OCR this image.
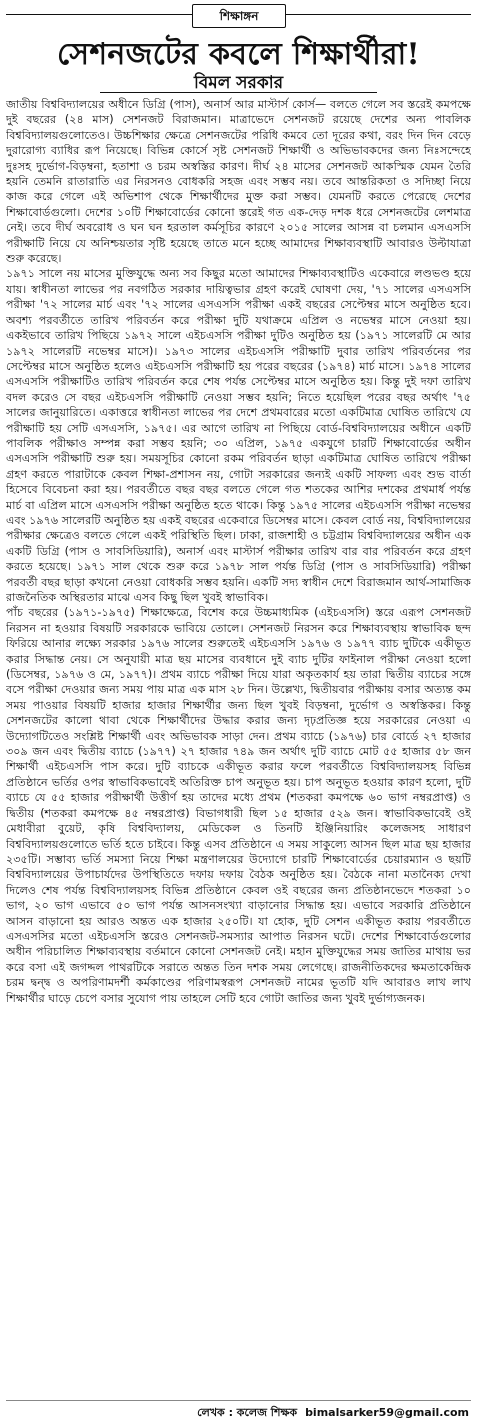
শিক্ষাঙ্গন
সেশনজটের কবলে শিক্ষার্থীরা!
বিমল সরকার

জাতীয় বিশ্ববিদ্যালয়ের অধীনে ডিগ্রি (পাস), অনার্স আর মাস্টার্স কোর্স— বলতে গেলে সব স্তরেই কমপক্ষে দুই বছরের (২৪ মাস) সেশনজট বিরাজমান। মাত্রাভেদে সেশনজট রয়েছে দেশের অন্য পাবলিক বিশ্ববিদ্যালয়গুলোতেও। উচ্চশিক্ষার ক্ষেত্রে সেশনজটের পরিধি কমবে তো দূরের কথা, বরং দিন দিন বেড়ে দুরারোগ্য ব্যাধির রূপ নিয়েছে। বিভিন্ন কোর্সে সৃষ্ট সেশনজট শিক্ষার্থী ও অভিভাবকদের জন্য নিঃসন্দেহে দুঃসহ দুর্ভোগ-বিড়ম্বনা, হতাশা ও চরম অস্বস্তির কারণ। দীর্ঘ ২৪ মাসের সেশনজট আকস্মিক যেমন তৈরি হয়নি তেমনি রাতারাতি এর নিরসনও বোধকরি সহজ এবং সম্ভব নয়। তবে আন্তরিকতা ও সদিচ্ছা নিয়ে কাজ করে গেলে এই অভিশাপ থেকে শিক্ষার্থীদের মুক্ত করা সম্ভব। যেমনটি করতে পেরেছে দেশের শিক্ষাবোর্ডগুলো। দেশের ১০টি শিক্ষাবোর্ডের কোনো স্তরেই গত এক-দেড় দশক ধরে সেশনজটের লেশমাত্র নেই। তবে দীর্ঘ অবরোধ ও ঘন ঘন হরতাল কর্মসূচির কারণে ২০১৫ সালের আসন্ন বা চলমান এসএসসি পরীক্ষাটি নিয়ে যে অনিশ্চয়তার সৃষ্টি হয়েছে তাতে মনে হচ্ছে আমাদের শিক্ষাব্যবস্থাটি আবারও উল্টাযাত্রা শুরু করেছে।

১৯৭১ সালে নয় মাসের মুক্তিযুদ্ধে অন্য সব কিছুর মতো আমাদের শিক্ষাব্যবস্থাটিও একেবারে লণ্ডভণ্ড হয়ে যায়। স্বাধীনতা লাভের পর নবগঠিত সরকার দায়িত্বভার গ্রহণ করেই ঘোষণা দেয়, '৭১ সালের এসএসসি পরীক্ষা '৭২ সালের মার্চ এবং '৭২ সালের এসএসসি পরীক্ষা একই বছরের সেপ্টেম্বর মাসে অনুষ্ঠিত হবে। অবশ্য পরবর্তীতে তারিখ পরিবর্তন করে পরীক্ষা দুটি যথাক্রমে এপ্রিল ও নভেম্বর মাসে নেওয়া হয়। একইভাবে তারিখ পিছিয়ে ১৯৭২ সালে এইচএসসি পরীক্ষা দুটিও অনুষ্ঠিত হয় (১৯৭১ সালেরটি মে আর ১৯৭২ সালেরটি নভেম্বর মাসে)। ১৯৭৩ সালের এইচএসসি পরীক্ষাটি দুবার তারিখ পরিবর্তনের পর সেপ্টেম্বর মাসে অনুষ্ঠিত হলেও এইচএসসি পরীক্ষাটি হয় পরের বছরের (১৯৭৪) মার্চ মাসে। ১৯৭৪ সালের এসএসসি পরীক্ষাটিও তারিখ পরিবর্তন করে শেষ পর্যন্ত সেপ্টেম্বর মাসে অনুষ্ঠিত হয়। কিন্তু দুই দফা তারিখ বদল করেও সে বছর এইচএসসি পরীক্ষাটি নেওয়া সম্ভব হয়নি; নিতে হয়েছিল পরের বছর অর্থাৎ '৭৫ সালের জানুয়ারিতে। একাত্তরে স্বাধীনতা লাভের পর দেশে প্রথমবারের মতো একটিমাত্র ঘোষিত তারিখে যে পরীক্ষাটি হয় সেটি এসএসসি, ১৯৭৫। এর আগে তারিখ না পিছিয়ে বোর্ড-বিশ্ববিদ্যালয়ের অধীনে একটি পাবলিক পরীক্ষাও সম্পন্ন করা সম্ভব হয়নি; ৩০ এপ্রিল, ১৯৭৫ একযুগে চারটি শিক্ষাবোর্ডের অধীন এসএসসি পরীক্ষাটি শুরু হয়। সময়সূচির কোনো রকম পরিবর্তন ছাড়া একটিমাত্র ঘোষিত তারিখে পরীক্ষা গ্রহণ করতে পারাটাকে কেবল শিক্ষা-প্রশাসন নয়, গোটা সরকারের জন্যই একটি সাফল্য এবং শুভ বার্তা হিসেবে বিবেচনা করা হয়। পরবর্তীতে বছর বছর বলতে গেলে গত শতকের আশির দশকের প্রথমার্ধ পর্যন্ত মার্চ বা এপ্রিল মাসে এসএসসি পরীক্ষা অনুষ্ঠিত হতে থাকে। কিন্তু ১৯৭৫ সালের এইচএসসি পরীক্ষা নভেম্বর এবং ১৯৭৬ সালেরটি অনুষ্ঠিত হয় একই বছরের একেবারে ডিসেম্বর মাসে। কেবল বোর্ড নয়, বিশ্ববিদ্যালয়ের পরীক্ষার ক্ষেত্রেও বলতে গেলে একই পরিস্থিতি ছিল। ঢাকা, রাজশাহী ও চট্টগ্রাম বিশ্ববিদ্যালয়ের অধীন এক একটি ডিগ্রি (পাস ও সাবসিডিয়ারি), অনার্স এবং মাস্টার্স পরীক্ষার তারিখ বার বার পরিবর্তন করে গ্রহণ করতে হয়েছে। ১৯৭১ সাল থেকে শুরু করে ১৯৭৮ সাল পর্যন্ত ডিগ্রি (পাস ও সাবসিডিয়ারি) পরীক্ষা পরবর্তী বছর ছাড়া কখনো নেওয়া বোধকরি সম্ভব হয়নি। একটি সদ্য স্বাধীন দেশে বিরাজমান আর্থ-সামাজিক রাজনৈতিক অস্থিরতার মাঝে এসব কিছু ছিল খুবই স্বাভাবিক।

পাঁচ বছরের (১৯৭১-১৯৭৫) শিক্ষাক্ষেত্রে, বিশেষ করে উচ্চমাধ্যমিক (এইচএসসি) স্তরে এরূপ সেশনজট নিরসন না হওয়ার বিষয়টি সরকারকে ভাবিয়ে তোলে। সেশনজট নিরসন করে শিক্ষাব্যবস্থায় স্বাভাবিক ছন্দ ফিরিয়ে আনার লক্ষ্যে সরকার ১৯৭৬ সালের শুরুতেই এইচএসসি ১৯৭৬ ও ১৯৭৭ ব্যাচ দুটিকে একীভূত করার সিদ্ধান্ত নেয়। সে অনুযায়ী মাত্র ছয় মাসের ব্যবধানে দুই ব্যাচ দুটির ফাইনাল পরীক্ষা নেওয়া হলো (ডিসেম্বর, ১৯৭৬ ও মে, ১৯৭৭)। প্রথম ব্যাচে পরীক্ষা দিয়ে যারা অকৃতকার্য হয় তারা দ্বিতীয় ব্যাচের সঙ্গে বসে পরীক্ষা দেওয়ার জন্য সময় পায় মাত্র এক মাস ২৮ দিন। উল্লেখ্য, দ্বিতীয়বার পরীক্ষায় বসার অত্যন্ত কম সময় পাওয়ার বিষয়টি হাজার হাজার শিক্ষার্থীর জন্য ছিল খুবই বিড়ম্বনা, দুর্ভোগ ও অস্বস্তিকর। কিন্তু সেশনজটের কালো থাবা থেকে শিক্ষার্থীদের উদ্ধার করার জন্য দৃঢ়প্রতিজ্ঞ হয়ে সরকারের নেওয়া এ উদ্যোগটিতেও সংশ্লিষ্ট শিক্ষার্থী এবং অভিভাবক সাড়া দেন। প্রথম ব্যাচে (১৯৭৬) চার বোর্ডে ২৭ হাজার ৩০৯ জন এবং দ্বিতীয় ব্যাচে (১৯৭৭) ২৭ হাজার ৭৪৯ জন অর্থাৎ দুটি ব্যাচে মোট ৫৫ হাজার ৫৮ জন শিক্ষার্থী এইচএসসি পাস করে। দুটি ব্যাচকে একীভূত করার ফলে পরবর্তীতে বিশ্ববিদ্যালয়সহ বিভিন্ন প্রতিষ্ঠানে ভর্তির ওপর স্বাভাবিকভাবেই অতিরিক্ত চাপ অনুভূত হয়। চাপ অনুভূত হওয়ার কারণ হলো, দুটি ব্যাচে যে ৫৫ হাজার পরীক্ষার্থী উত্তীর্ণ হয় তাদের মধ্যে প্রথম (শতকরা কমপক্ষে ৬০ ভাগ নম্বরপ্রাপ্ত) ও দ্বিতীয় (শতকরা কমপক্ষে ৪৫ নম্বরপ্রাপ্ত) বিভাগধারী ছিল ১৫ হাজার ৫২৯ জন। স্বাভাবিকভাবেই ওই মেধাবীরা বুয়েট, কৃষি বিশ্ববিদ্যালয়, মেডিকেল ও তিনটি ইঞ্জিনিয়ারিং কলেজসহ সাধারণ বিশ্ববিদ্যালয়গুলোতে ভর্তি হতে চাইবে। কিন্তু এসব প্রতিষ্ঠানে এ সময় সাকুল্যে আসন ছিল মাত্র ছয় হাজার ২৩৫টি। সম্ভাব্য ভর্তি সমস্যা নিয়ে শিক্ষা মন্ত্রণালয়ের উদ্যোগে চারটি শিক্ষাবোর্ডের চেয়ারম্যান ও ছয়টি বিশ্ববিদ্যালয়ের উপাচার্যদের উপস্থিতিতে দফায় দফায় বৈঠক অনুষ্ঠিত হয়। বৈঠকে নানা মতানৈক্য দেখা দিলেও শেষ পর্যন্ত বিশ্ববিদ্যালয়সহ বিভিন্ন প্রতিষ্ঠানে কেবল ওই বছরের জন্য প্রতিষ্ঠানভেদে শতকরা ১০ ভাগ, ২০ ভাগ এভাবে ৫০ ভাগ পর্যন্ত আসনসংখ্যা বাড়ানোর সিদ্ধান্ত হয়। এভাবে সরকারি প্রতিষ্ঠানে আসন বাড়ানো হয় আরও অন্তত এক হাজার ২৫০টি। যা হোক, দুটি সেশন একীভূত করায় পরবর্তীতে এসএসসির মতো এইচএসসি স্তরেও সেশনজট-সমস্যার আপাত নিরসন ঘটে। দেশের শিক্ষাবোর্ডগুলোর অধীন পরিচালিত শিক্ষাব্যবস্থায় বর্তমানে কোনো সেশনজট নেই। মহান মুক্তিযুদ্ধের সময় জাতির মাথায় ভর করে বসা এই জগদ্দল পাথরটিকে সরাতে অন্তত তিন দশক সময় লেগেছে। রাজনীতিকদের ক্ষমতাকেন্দ্রিক চরম দ্বন্দ্ব ও অপরিণামদর্শী কর্মকাণ্ডের পরিণামস্বরূপ সেশনজট নামের ভূতটি যদি আবারও লাখ লাখ শিক্ষার্থীর ঘাড়ে চেপে বসার সুযোগ পায় তাহলে সেটি হবে গোটা জাতির জন্য খুবই দুর্ভাগ্যজনক।

লেখক : কলেজ শিক্ষক bimalsarker59@gmail.com
